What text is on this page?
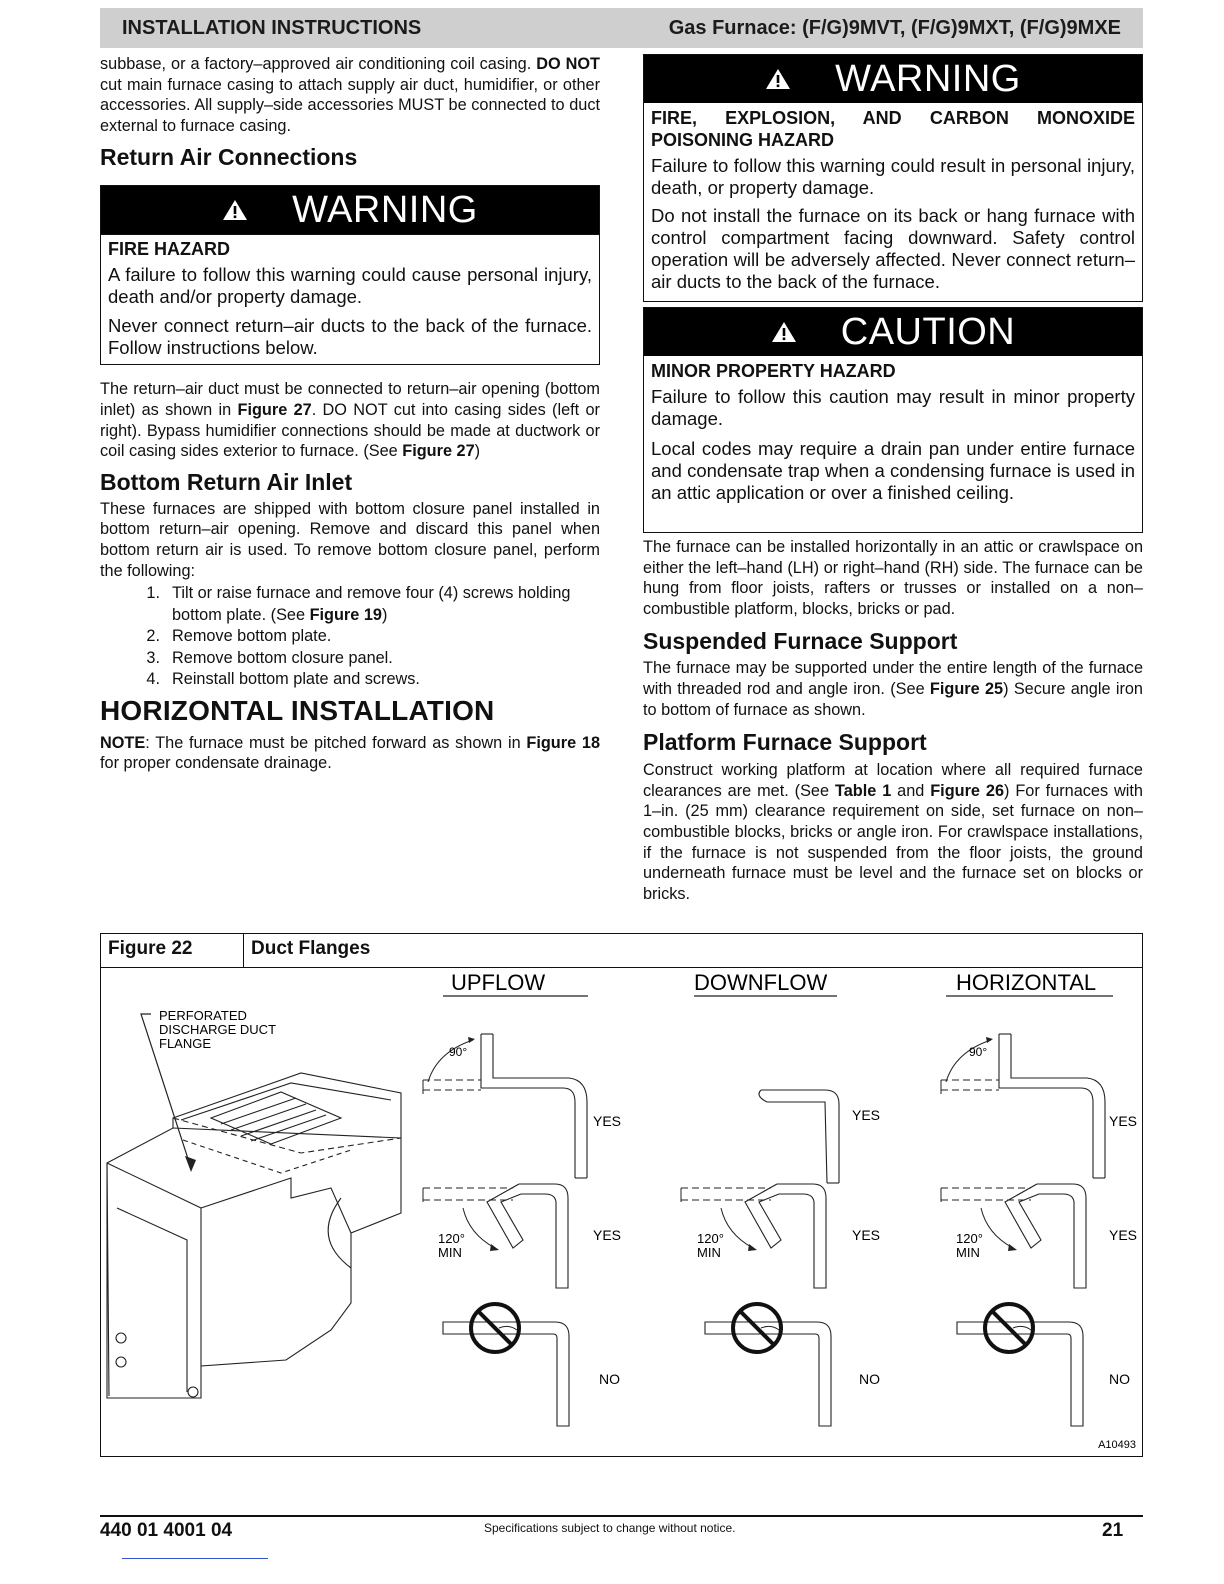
INSTALLATION INSTRUCTIONS	Gas Furnace: (F/G)9MVT, (F/G)9MXT, (F/G)9MXE

subbase, or a factory–approved air conditioning coil casing. DO NOT cut main furnace casing to attach supply air duct, humidifier, or other accessories. All supply–side accessories MUST be connected to duct external to furnace casing.

Return Air Connections
WARNING
FIRE HAZARD
A failure to follow this warning could cause personal injury, death and/or property damage.
Never connect return–air ducts to the back of the furnace. Follow instructions below.

The return–air duct must be connected to return–air opening (bottom inlet) as shown in Figure 27. DO NOT cut into casing sides (left or right). Bypass humidifier connections should be made at ductwork or coil casing sides exterior to furnace. (See Figure 27)

Bottom Return Air Inlet

These furnaces are shipped with bottom closure panel installed in bottom return–air opening. Remove and discard this panel when bottom return air is used. To remove bottom closure panel, perform the following:

1. Tilt or raise furnace and remove four (4) screws holding bottom plate. (See Figure 19)
2. Remove bottom plate.
3. Remove bottom closure panel.
4. Reinstall bottom plate and screws.
HORIZONTAL INSTALLATION

NOTE: The furnace must be pitched forward as shown in Figure 18 for proper condensate drainage.

WARNING
FIRE, EXPLOSION, AND CARBON MONOXIDE POISONING HAZARD
Failure to follow this warning could result in personal injury, death, or property damage.
Do not install the furnace on its back or hang furnace with control compartment facing downward. Safety control operation will be adversely affected. Never connect return–air ducts to the back of the furnace.
CAUTION
MINOR PROPERTY HAZARD
Failure to follow this caution may result in minor property damage.
Local codes may require a drain pan under entire furnace and condensate trap when a condensing furnace is used in an attic application or over a finished ceiling.

The furnace can be installed horizontally in an attic or crawlspace on either the left–hand (LH) or right–hand (RH) side. The furnace can be hung from floor joists, rafters or trusses or installed on a non–combustible platform, blocks, bricks or pad.

Suspended Furnace Support

The furnace may be supported under the entire length of the furnace with threaded rod and angle iron. (See Figure 25) Secure angle iron to bottom of furnace as shown.

Platform Furnace Support

Construct working platform at location where all required furnace clearances are met. (See Table 1 and Figure 26) For furnaces with 1–in. (25 mm) clearance requirement on side, set furnace on non–combustible blocks, bricks or angle iron. For crawlspace installations, if the furnace is not suspended from the floor joists, the ground underneath furnace must be level and the furnace set on blocks or bricks.

Figure 22	Duct Flanges
PERFORATED
DISCHARGE DUCT
FLANGE
UPFLOW
90°
YES
120°
MIN
YES
NO
DOWNFLOW
YES
120°
MIN
YES
NO
HORIZONTAL
90°
YES
120°
MIN
YES
NO
A10493
440 01 4001 04	Specifications subject to change without notice.	21
